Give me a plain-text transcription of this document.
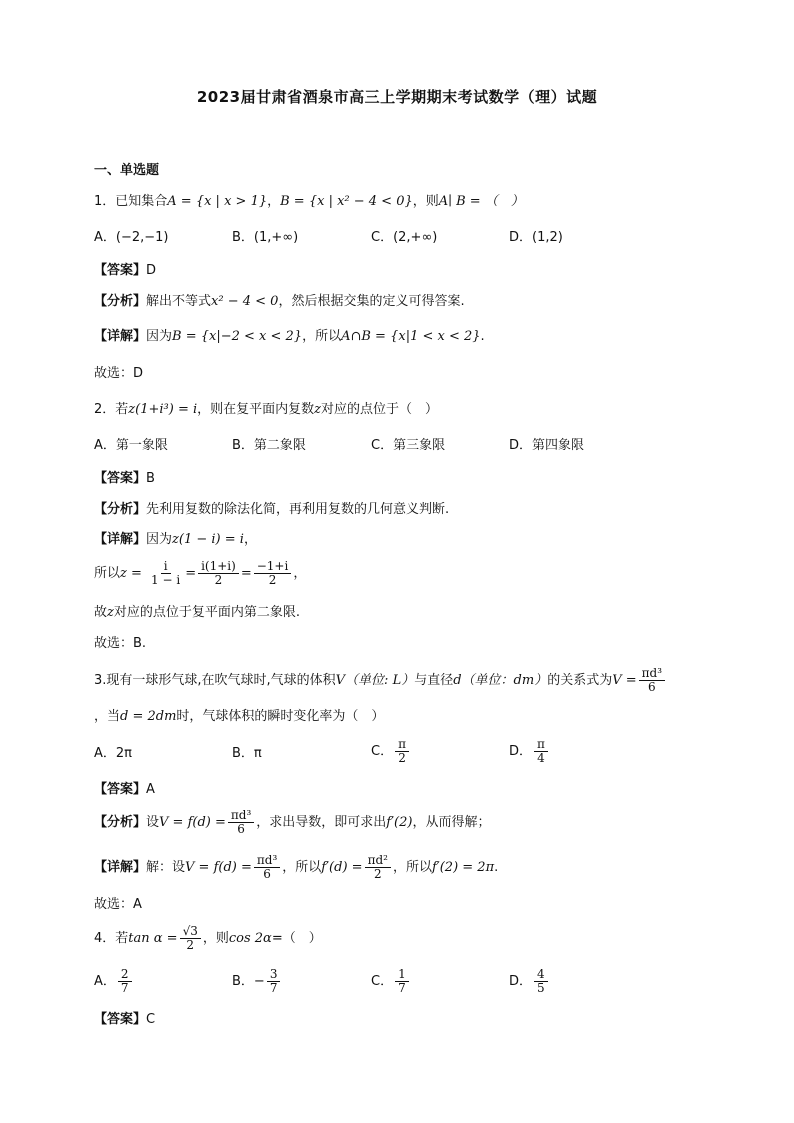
2023届甘肃省酒泉市高三上学期期末考试数学（理）试题
一、单选题
1．已知集合A = {x | x > 1}，B = {x | x² − 4 < 0}，则A∣ B = （　）
A．(−2,−1)	B．(1,+∞)	C．(2,+∞)	D．(1,2)
【答案】D
【分析】解出不等式x² − 4 < 0，然后根据交集的定义可得答案.
【详解】因为B = {x|−2 < x < 2}，所以A∩B = {x|1 < x < 2}.
故选：D
2．若z(1+i³) = i，则在复平面内复数z对应的点位于（　）
A．第一象限	B．第二象限	C．第三象限	D．第四象限
【答案】B
【分析】先利用复数的除法化简，再利用复数的几何意义判断.
【详解】因为z(1 − i) = i，
所以$z = \frac{i}{1 - i} = \frac{i(1+i)}{2} = \frac{-1+i}{2}$ ，
故z对应的点位于复平面内第二象限.
故选：B.
3.现有一球形气球,在吹气球时,气球的体积V（单位: L）与直径d（单位：dm）的关系式为$V = \frac{\text{πd³}}{6}$
，当d = 2dm时，气球体积的瞬时变化率为（　）
A．2π	B．π	C． $\frac{\pi}{2}$	D． $\frac{\pi}{4}$
【答案】A
【分析】设$V = f(d) = \frac{\text{πd³}}{6}$ ，求出导数，即可求出f′(2)，从而得解；
【详解】解：设$V = f(d) = \frac{\text{πd³}}{6}$ ，所以$f'(d) = \frac{\text{πd²}}{2}$ ，所以f′(2) = 2π.
故选：A
4．若$\tan \alpha = \frac{√3}{2}$ ，则cos 2α=（　）
A． $\frac{2}{7}$	B．− $\frac{3}{7}$	C． $\frac{1}{7}$	D． $\frac{4}{5}$
【答案】C
